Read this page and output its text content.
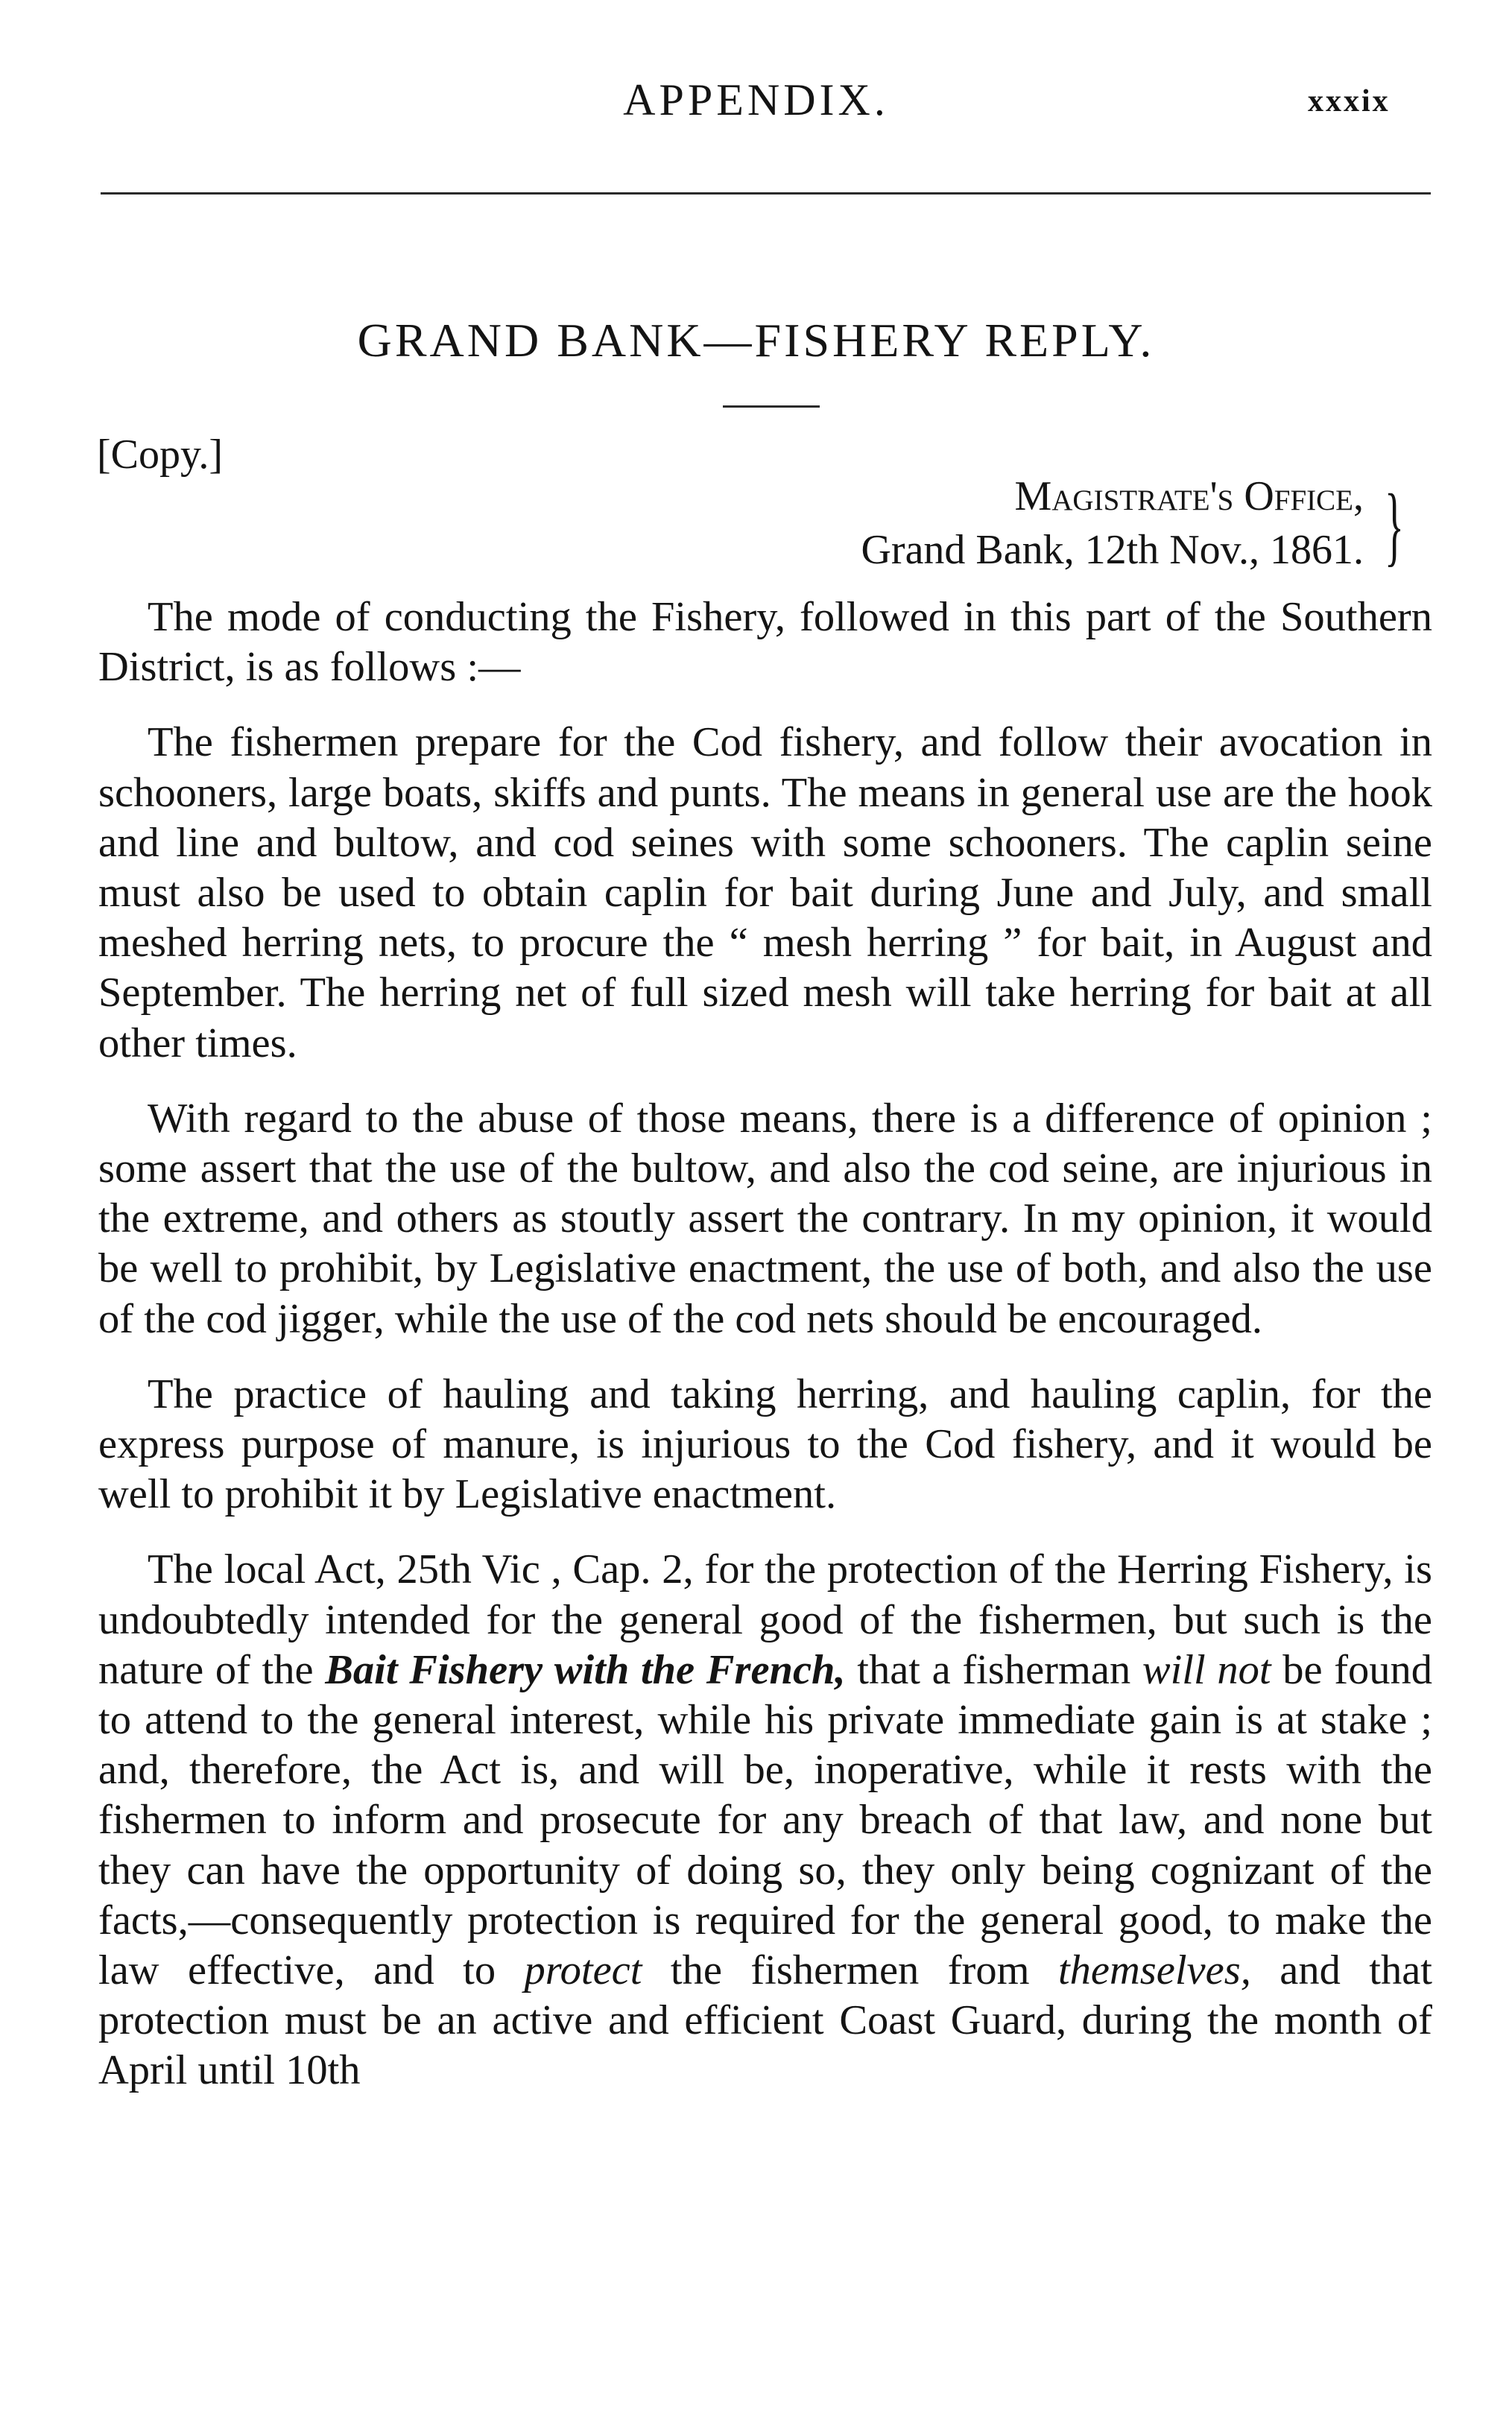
APPENDIX.	xxxix
GRAND BANK—FISHERY REPLY.
[Copy.]
Magistrate's Office,
Grand Bank, 12th Nov., 1861. }

The mode of conducting the Fishery, followed in this part of the Southern District, is as follows :—

The fishermen prepare for the Cod fishery, and follow their avocation in schooners, large boats, skiffs and punts. The means in general use are the hook and line and bultow, and cod seines with some schooners. The caplin seine must also be used to obtain caplin for bait during June and July, and small meshed herring nets, to procure the “ mesh herring ” for bait, in August and September. The herring net of full sized mesh will take herring for bait at all other times.

With regard to the abuse of those means, there is a difference of opinion ; some assert that the use of the bultow, and also the cod seine, are injurious in the extreme, and others as stoutly assert the contrary. In my opinion, it would be well to prohibit, by Legislative enactment, the use of both, and also the use of the cod jigger, while the use of the cod nets should be encouraged.

The practice of hauling and taking herring, and hauling caplin, for the express purpose of manure, is injurious to the Cod fishery, and it would be well to prohibit it by Legislative enactment.

The local Act, 25th Vic , Cap. 2, for the protection of the Herring Fishery, is undoubtedly intended for the general good of the fishermen, but such is the nature of the Bait Fishery with the French, that a fisherman will not be found to attend to the general interest, while his private immediate gain is at stake ; and, therefore, the Act is, and will be, inoperative, while it rests with the fishermen to inform and prosecute for any breach of that law, and none but they can have the opportunity of doing so, they only being cognizant of the facts,—consequently protection is required for the general good, to make the law effective, and to protect the fishermen from themselves, and that protection must be an active and efficient Coast Guard, during the month of April until 10th
